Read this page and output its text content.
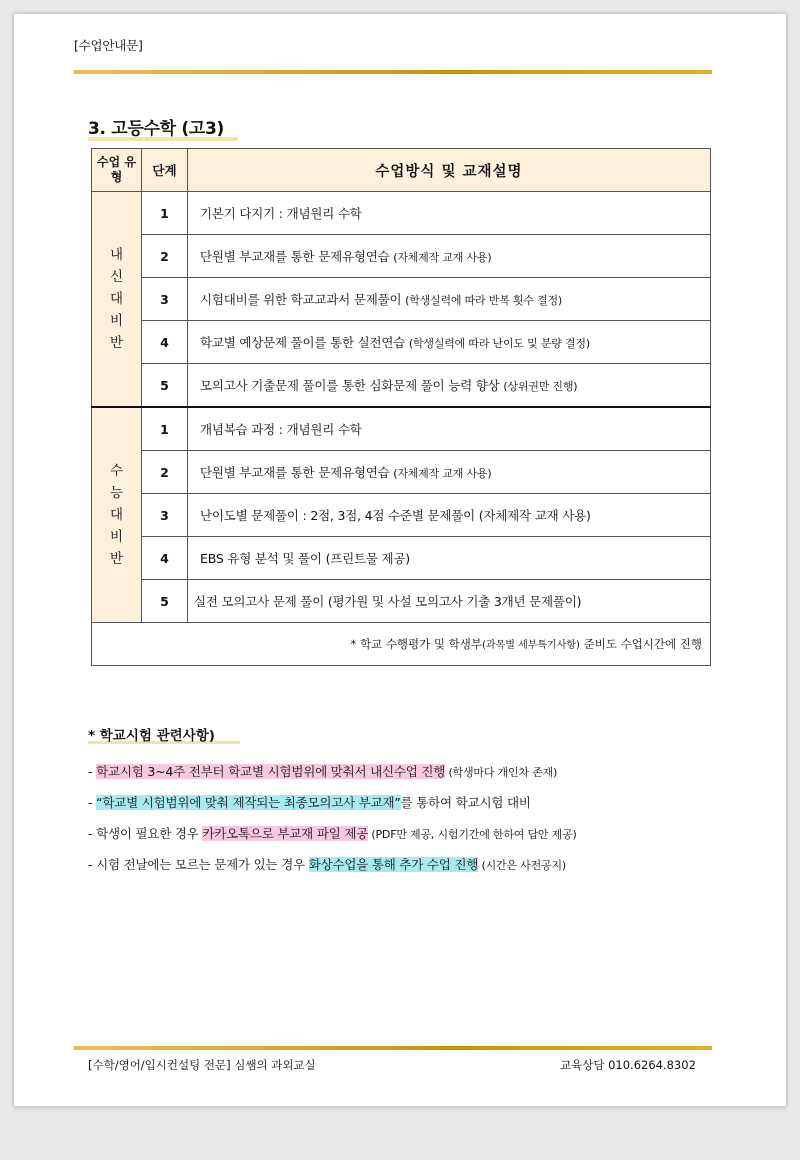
[수업안내문]
3. 고등수학 (고3)
수업 유형	단계	수업방식 및 교재설명
내신대비반	1	기본기 다지기 : 개념원리 수학
	2	단원별 부교재를 통한 문제유형연습 (자체제작 교재 사용)
	3	시험대비를 위한 학교교과서 문제풀이 (학생실력에 따라 반복 횟수 결정)
	4	학교별 예상문제 풀이를 통한 실전연습 (학생실력에 따라 난이도 및 분량 결정)
	5	모의고사 기출문제 풀이를 통한 심화문제 풀이 능력 향상 (상위권만 진행)
수능대비반	1	개념복습 과정 : 개념원리 수학
	2	단원별 부교재를 통한 문제유형연습 (자체제작 교재 사용)
	3	난이도별 문제풀이 : 2점, 3점, 4점 수준별 문제풀이 (자체제작 교재 사용)
	4	EBS 유형 분석 및 풀이 (프린트물 제공)
	5	실전 모의고사 문제 풀이 (평가원 및 사설 모의고사 기출 3개년 문제풀이)
* 학교 수행평가 및 학생부(과목별 세부특기사항) 준비도 수업시간에 진행		
* 학교시험 관련사항)
- 학교시험 3~4주 전부터 학교별 시험범위에 맞춰서 내신수업 진행 (학생마다 개인차 존재)
- “학교별 시험범위에 맞춰 제작되는 최종모의고사 부교재”를 통하여 학교시험 대비
- 학생이 필요한 경우 카카오톡으로 부교재 파일 제공 (PDF만 제공, 시험기간에 한하여 답안 제공)
- 시험 전날에는 모르는 문제가 있는 경우 화상수업을 통해 추가 수업 진행 (시간은 사전공지)
[수학/영어/입시컨설팅 전문] 심쌤의 과외교실	교육상담 010.6264.8302
